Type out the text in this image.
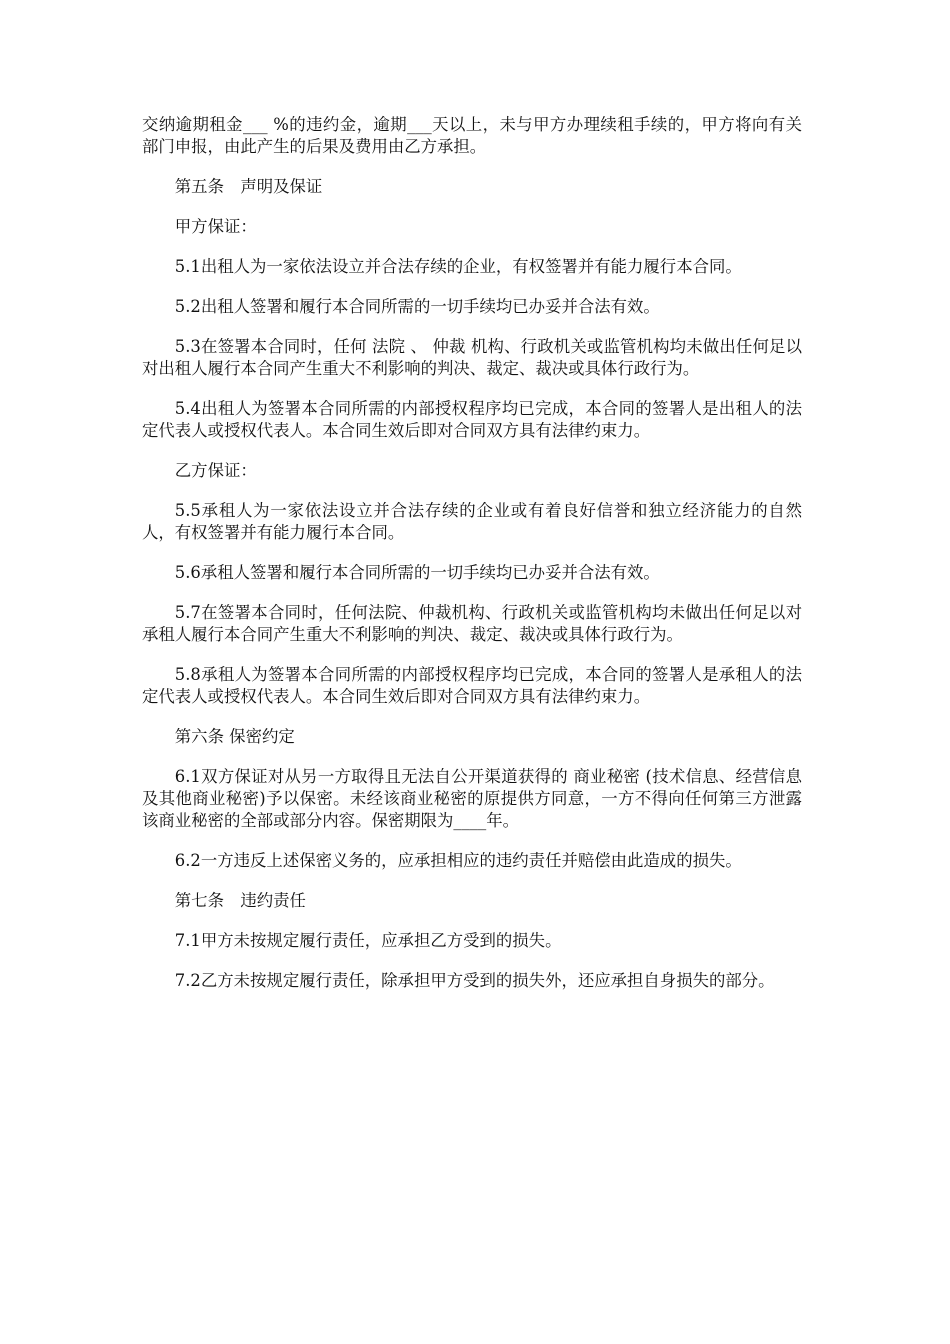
交纳逾期租金___ %的违约金，逾期___天以上，未与甲方办理续租手续的，甲方将向有关部门申报，由此产生的后果及费用由乙方承担。

第五条　声明及保证

甲方保证：

5.1出租人为一家依法设立并合法存续的企业，有权签署并有能力履行本合同。

5.2出租人签署和履行本合同所需的一切手续均已办妥并合法有效。

5.3在签署本合同时，任何 法院 、 仲裁 机构、行政机关或监管机构均未做出任何足以对出租人履行本合同产生重大不利影响的判决、裁定、裁决或具体行政行为。

5.4出租人为签署本合同所需的内部授权程序均已完成，本合同的签署人是出租人的法定代表人或授权代表人。本合同生效后即对合同双方具有法律约束力。

乙方保证：

5.5承租人为一家依法设立并合法存续的企业或有着良好信誉和独立经济能力的自然人，有权签署并有能力履行本合同。

5.6承租人签署和履行本合同所需的一切手续均已办妥并合法有效。

5.7在签署本合同时，任何法院、仲裁机构、行政机关或监管机构均未做出任何足以对承租人履行本合同产生重大不利影响的判决、裁定、裁决或具体行政行为。

5.8承租人为签署本合同所需的内部授权程序均已完成，本合同的签署人是承租人的法定代表人或授权代表人。本合同生效后即对合同双方具有法律约束力。

第六条 保密约定

6.1双方保证对从另一方取得且无法自公开渠道获得的 商业秘密 (技术信息、经营信息及其他商业秘密)予以保密。未经该商业秘密的原提供方同意，一方不得向任何第三方泄露该商业秘密的全部或部分内容。保密期限为____年。

6.2一方违反上述保密义务的，应承担相应的违约责任并赔偿由此造成的损失。

第七条　违约责任

7.1甲方未按规定履行责任，应承担乙方受到的损失。

7.2乙方未按规定履行责任，除承担甲方受到的损失外，还应承担自身损失的部分。
